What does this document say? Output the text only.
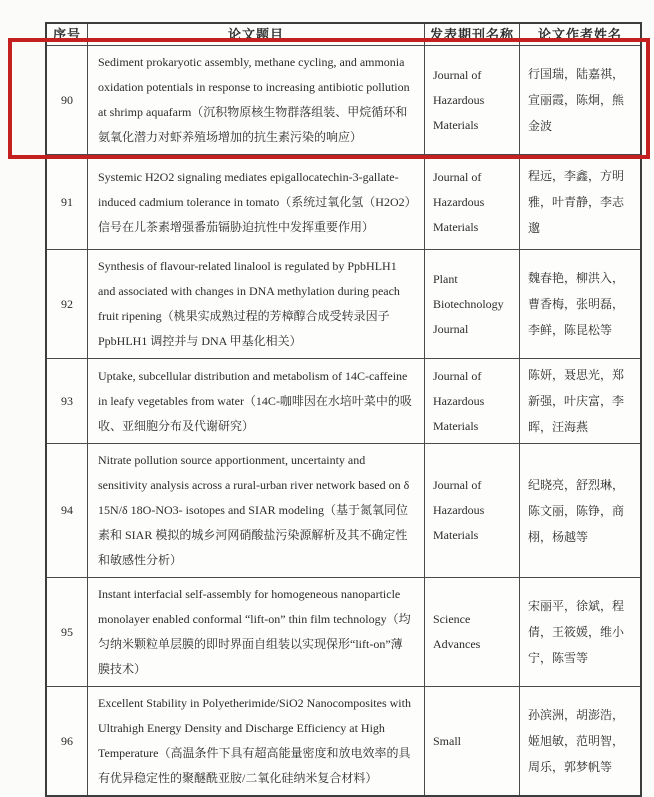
序号	论文题目	发表期刊名称 论文作者姓名
90
Sediment prokaryotic assembly, methane cycling, and ammonia oxidation potentials in response to increasing antibiotic pollution at shrimp aquafarm（沉积物原核生物群落组装、甲烷循环和氨氧化潜力对虾养殖场增加的抗生素污染的响应）
Journal of Hazardous Materials
行国瑞，陆嘉祺，宣丽霞，陈炯，熊金波
91
Systemic H2O2 signaling mediates epigallocatechin-3-gallate-induced cadmium tolerance in tomato（系统过氧化氢（H2O2）信号在儿茶素增强番茄镉胁迫抗性中发挥重要作用）
Journal of Hazardous Materials
程远，李鑫，方明雅，叶青静，李志邈
92
Synthesis of flavour-related linalool is regulated by PpbHLH1 and associated with changes in DNA methylation during peach fruit ripening（桃果实成熟过程的芳樟醇合成受转录因子 PpbHLH1 调控并与 DNA 甲基化相关）
Plant Biotechnology Journal
魏春艳，柳洪入，曹香梅，张明磊，李鲜，陈昆松等
93
Uptake, subcellular distribution and metabolism of 14C-caffeine in leafy vegetables from water（14C-咖啡因在水培叶菜中的吸收、亚细胞分布及代谢研究）
Journal of Hazardous Materials
陈妍，聂思光，郑新强，叶庆富，李晖，汪海燕
94
Nitrate pollution source apportionment, uncertainty and sensitivity analysis across a rural-urban river network based on δ 15N/δ 18O-NO3- isotopes and SIAR modeling（基于氮氧同位素和 SIAR 模拟的城乡河网硝酸盐污染源解析及其不确定性和敏感性分析）
Journal of Hazardous Materials
纪晓亮，舒烈琳，陈文丽，陈铮，商栩，杨越等
95
Instant interfacial self-assembly for homogeneous nanoparticle monolayer enabled conformal “lift-on” thin film technology（均匀纳米颗粒单层膜的即时界面自组装以实现保形“lift-on”薄膜技术）
Science Advances
宋丽平，徐斌，程倩，王筱媛，维小宁，陈雪等
96
Excellent Stability in Polyetherimide/SiO2 Nanocomposites with Ultrahigh Energy Density and Discharge Efficiency at High Temperature（高温条件下具有超高能量密度和放电效率的具有优异稳定性的聚醚酰亚胺/二氧化硅纳米复合材料）
Small
孙滨洲，胡澎浩，姬旭敏，范明智，周乐，郭梦帆等
